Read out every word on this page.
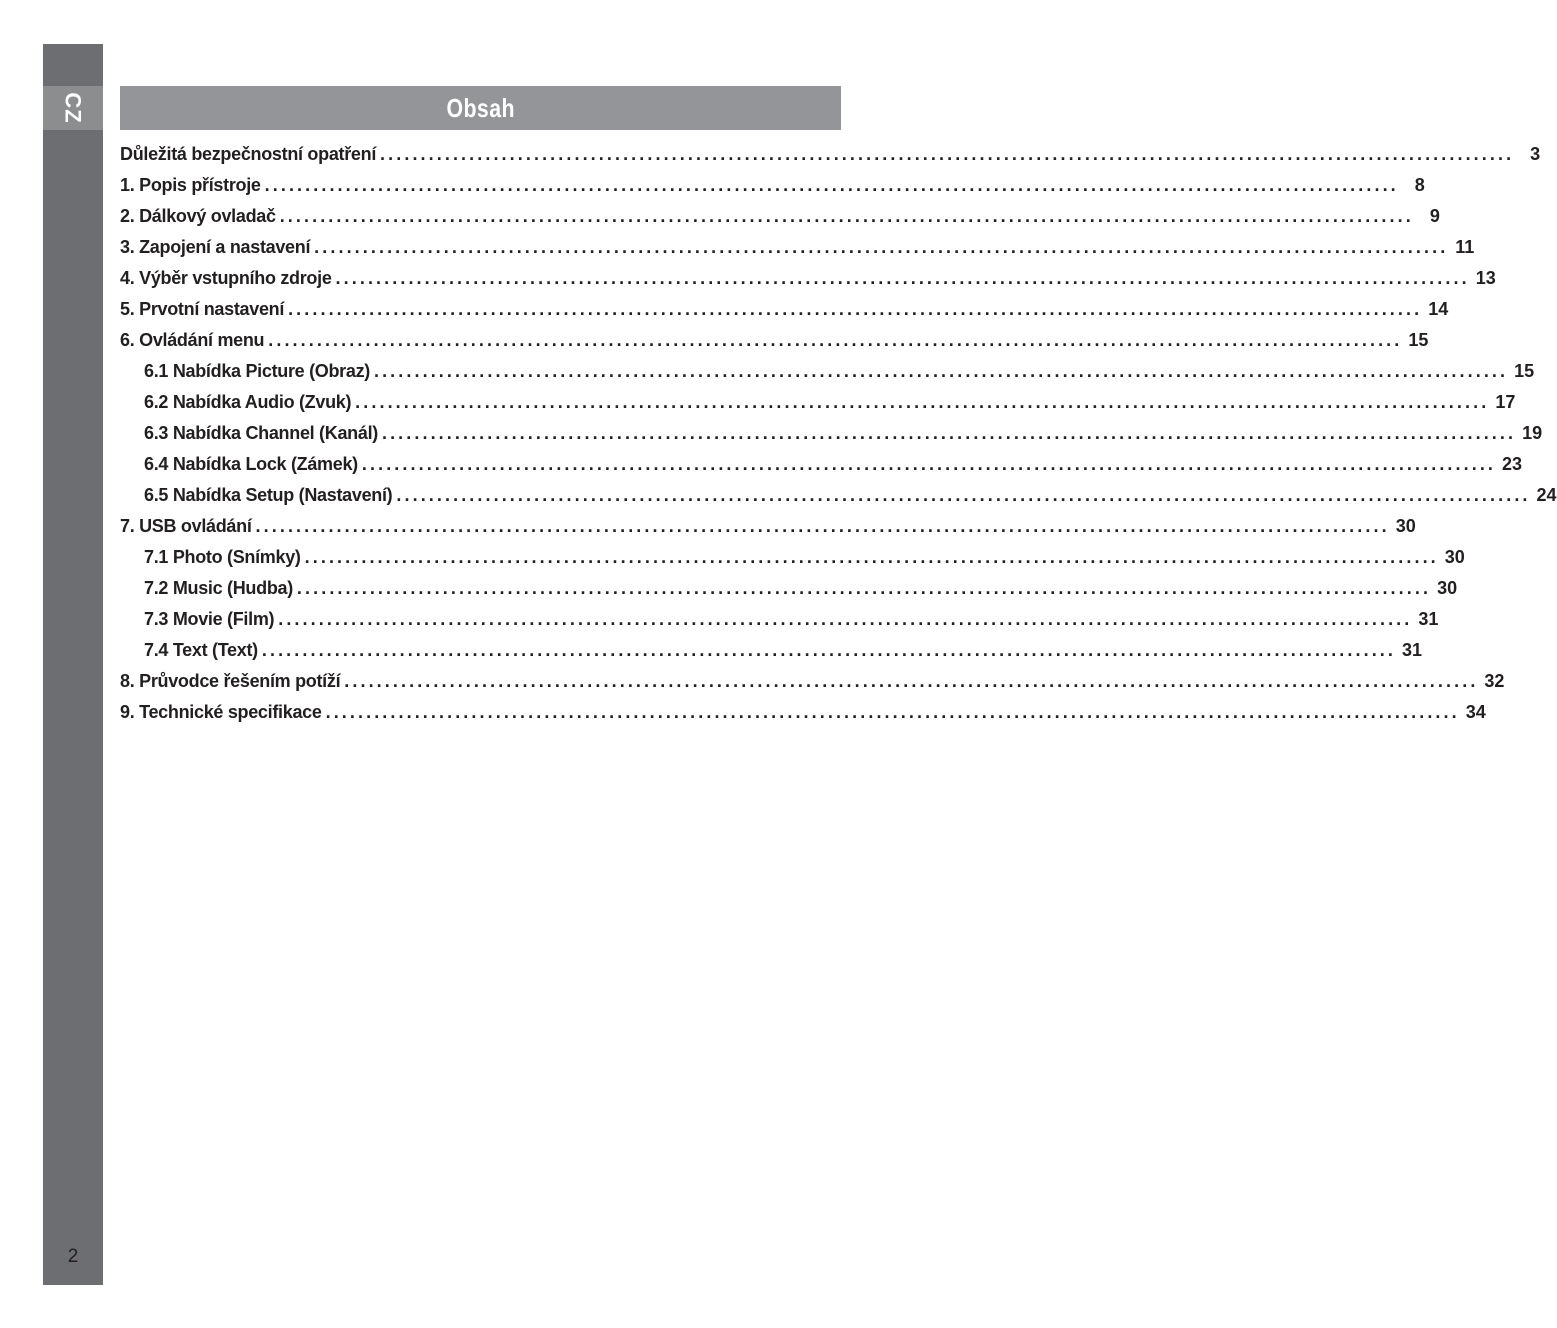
CZ
2
Obsah
Důležitá bezpečnostní opatření ............................................................................................................................................ 3
1. Popis přístroje ............................................................................................................................................ 8
2. Dálkový ovladač ............................................................................................................................................ 9
3. Zapojení a nastavení ............................................................................................................................................ 11
4. Výběr vstupního zdroje ............................................................................................................................................ 13
5. Prvotní nastavení ............................................................................................................................................ 14
6. Ovládání menu ............................................................................................................................................ 15
6.1 Nabídka Picture (Obraz) ............................................................................................................................................ 15
6.2 Nabídka Audio (Zvuk) ............................................................................................................................................ 17
6.3 Nabídka Channel (Kanál) ............................................................................................................................................ 19
6.4 Nabídka Lock (Zámek) ............................................................................................................................................ 23
6.5 Nabídka Setup (Nastavení) ............................................................................................................................................ 24
7. USB ovládání ............................................................................................................................................ 30
7.1 Photo (Snímky) ............................................................................................................................................ 30
7.2 Music (Hudba) ............................................................................................................................................ 30
7.3 Movie (Film) ............................................................................................................................................ 31
7.4 Text (Text) ............................................................................................................................................ 31
8. Průvodce řešením potíží ............................................................................................................................................ 32
9. Technické specifikace ............................................................................................................................................ 34
